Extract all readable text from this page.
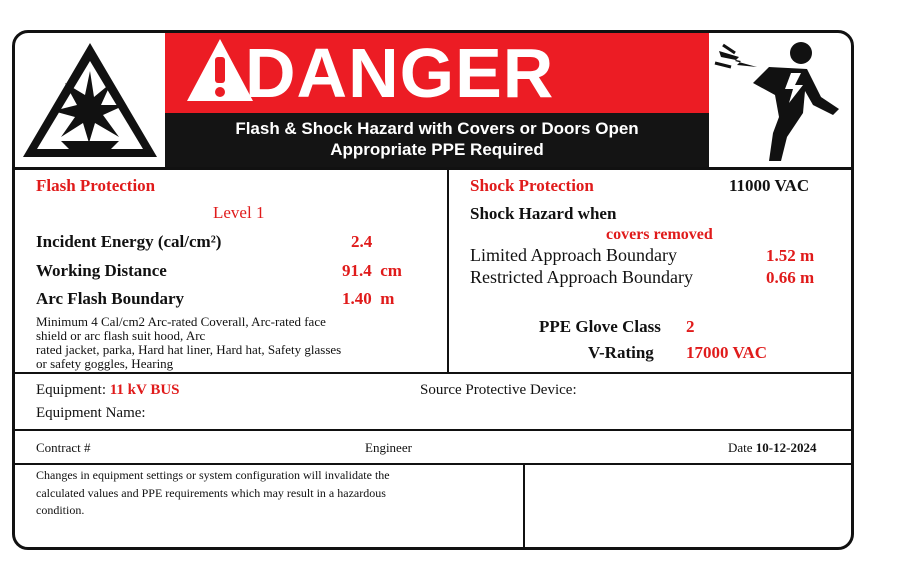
DANGER
Flash & Shock Hazard with Covers or Doors Open
Appropriate PPE Required
Flash Protection
Level 1
Incident Energy (cal/cm²)	2.4
Working Distance	91.4  cm
Arc Flash Boundary	1.40  m
Minimum 4 Cal/cm2 Arc-rated Coverall, Arc-rated face
shield or arc flash suit hood, Arc
rated jacket, parka, Hard hat liner, Hard hat, Safety glasses
or safety goggles, Hearing
Shock Protection	11000 VAC
Shock Hazard when
covers removed
Limited Approach Boundary	1.52 m
Restricted Approach Boundary	0.66 m
PPE Glove Class 2
V-Rating 17000 VAC
Equipment: 11 kV BUS	Source Protective Device:
Equipment Name:
Contract #	Engineer	Date 10-12-2024
Changes in equipment settings or system configuration will invalidate the
calculated values and PPE requirements which may result in a hazardous
condition.
